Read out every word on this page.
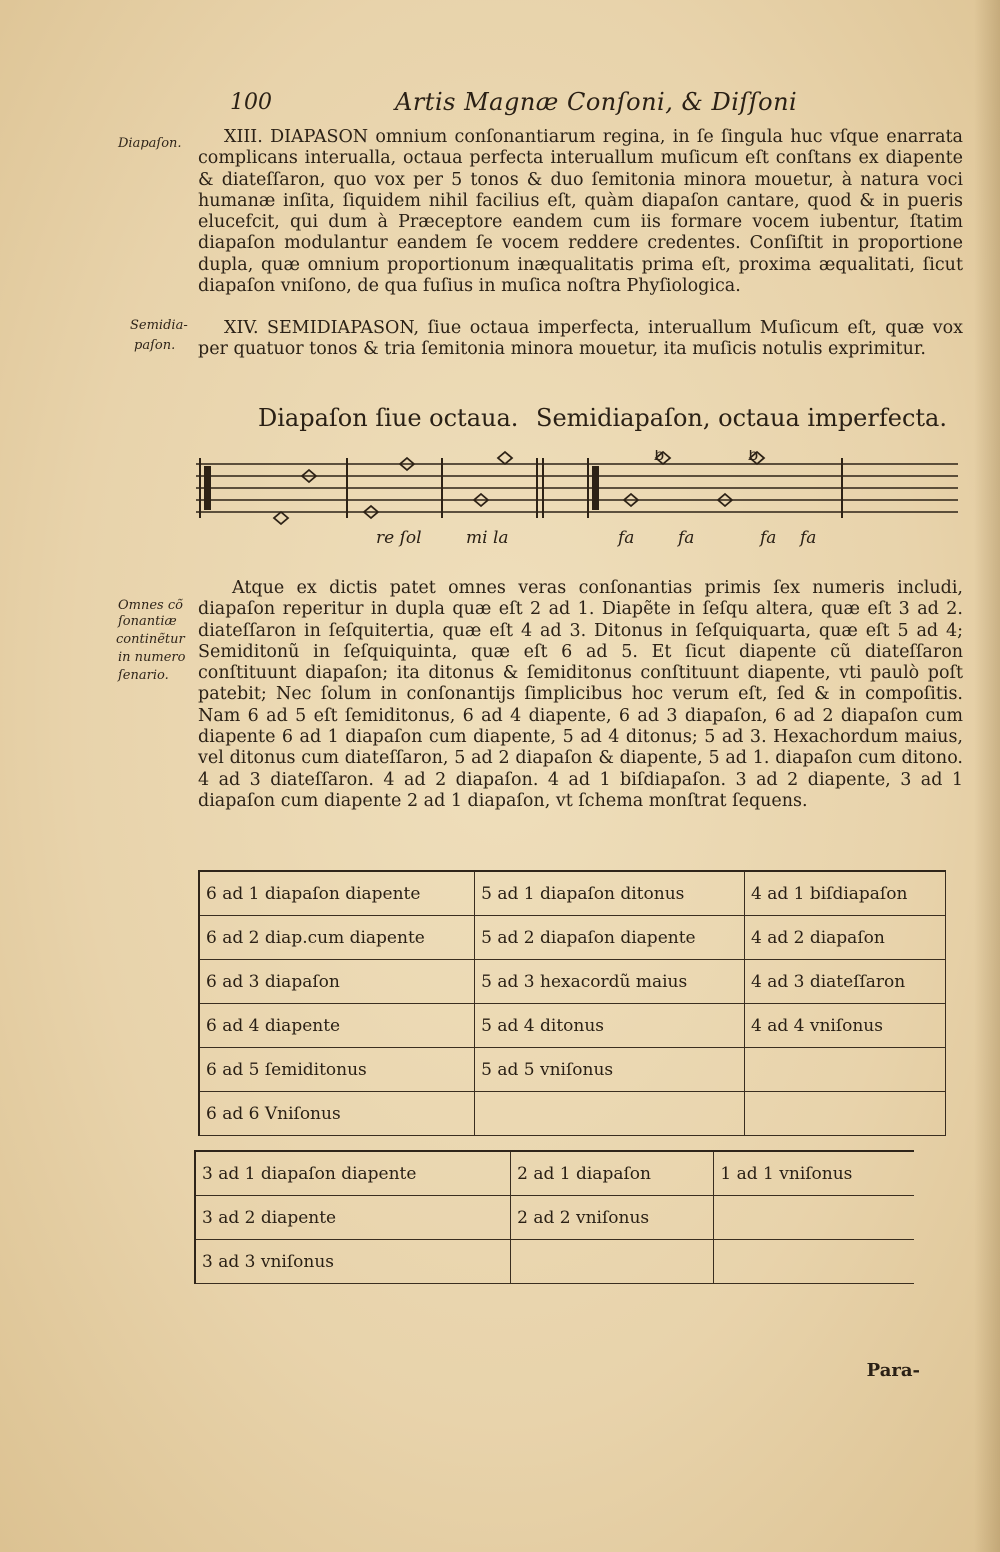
100	Artis Magnæ Conſoni, & Diſſoni
Diapaſon.
Semidia-
paſon.
Omnes cõ
ſonantiæ
continẽtur
in numero
ſenario.
XIII. DIAPASON omnium conſonantiarum regina, in ſe ſingula huc vſque enarrata complicans interualla, octaua perfecta interuallum muſicum eſt conſtans ex diapente & diateſſaron, quo vox per 5 tonos & duo ſemitonia minora mouetur, à natura voci humanæ inſita, ſiquidem nihil facilius eſt, quàm diapaſon cantare, quod & in pueris elucefcit, qui dum à Præceptore eandem cum iis formare vocem iubentur, ſtatim diapaſon modulantur eandem ſe vocem reddere credentes. Conſiſtit in proportione dupla, quæ omnium proportionum inæqualitatis prima eſt, proxima æqualitati, ſicut diapaſon vniſono, de qua fuſius in muſica noſtra Phyſiologica.
XIV. SEMIDIAPASON, ſiue octaua imperfecta, interuallum Muſicum eſt, quæ vox per quatuor tonos & tria ſemitonia minora mouetur, ita muſicis notulis exprimitur.
Diapaſon ſiue octaua. Semidiapaſon, octaua imperfecta.
b	b
re ſol	mi la	fa	fa	fa fa
Atque ex dictis patet omnes veras conſonantias primis ſex numeris includi, diapaſon reperitur in dupla quæ eſt 2 ad 1. Diapẽte in ſeſqu altera, quæ eſt 3 ad 2. diateſſaron in ſeſquitertia, quæ eſt 4 ad 3. Ditonus in ſeſquiquarta, quæ eſt 5 ad 4; Semiditonũ in ſeſquiquinta, quæ eſt 6 ad 5. Et ſicut diapente cũ diateſſaron conſtituunt diapaſon; ita ditonus & ſemiditonus conſtituunt diapente, vti paulò poſt patebit; Nec ſolum in conſonantijs ſimplicibus hoc verum eſt, ſed & in compoſitis. Nam 6 ad 5 eſt ſemiditonus, 6 ad 4 diapente, 6 ad 3 diapaſon, 6 ad 2 diapaſon cum diapente 6 ad 1 diapaſon cum diapente, 5 ad 4 ditonus; 5 ad 3. Hexachordum maius, vel ditonus cum diateſſaron, 5 ad 2 diapaſon & diapente, 5 ad 1. diapaſon cum ditono. 4 ad 3 diateſſaron. 4 ad 2 diapaſon. 4 ad 1 biſdiapaſon. 3 ad 2 diapente, 3 ad 1 diapaſon cum diapente 2 ad 1 diapaſon, vt ſchema monſtrat ſequens.
6 ad 1 diapaſon diapente	5 ad 1 diapaſon ditonus	4 ad 1 biſdiapaſon
6 ad 2 diap.cum diapente	5 ad 2 diapaſon diapente	4 ad 2 diapaſon
6 ad 3 diapaſon	5 ad 3 hexacordũ maius	4 ad 3 diateſſaron
6 ad 4 diapente	5 ad 4 ditonus	4 ad 4 vniſonus
6 ad 5 ſemiditonus	5 ad 5 vniſonus	
6 ad 6 Vniſonus		
3 ad 1 diapaſon diapente	2 ad 1 diapaſon	1 ad 1 vniſonus
3 ad 2 diapente	2 ad 2 vniſonus	
3 ad 3 vniſonus		
Para-
